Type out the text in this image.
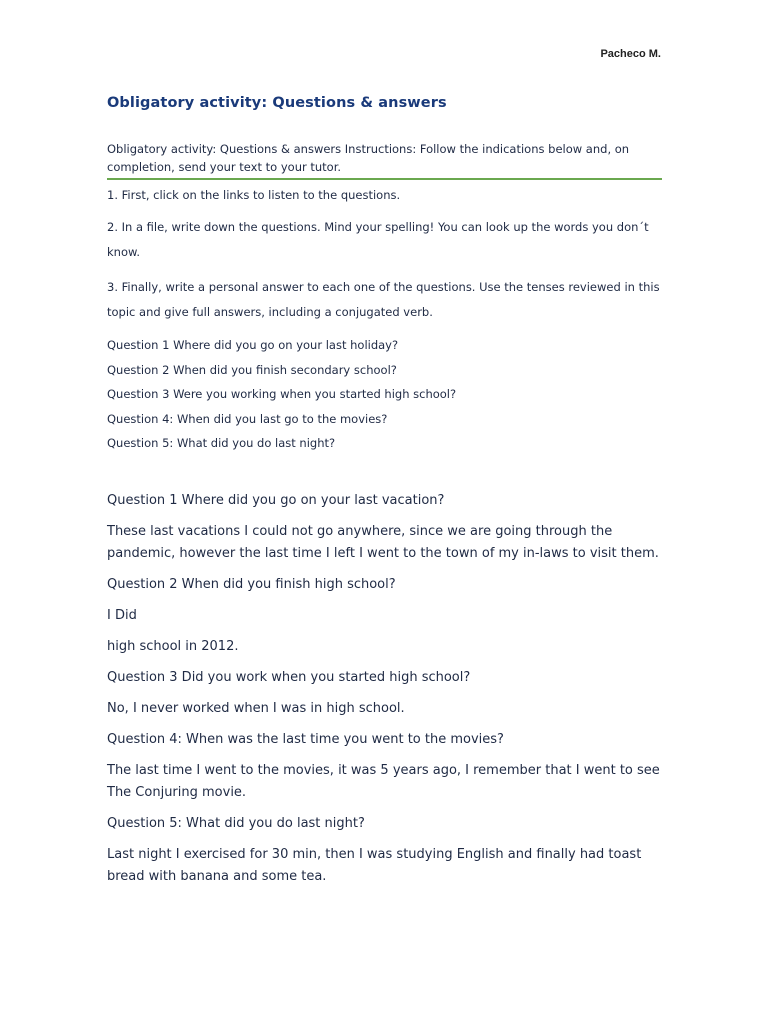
Pacheco M.
Obligatory activity: Questions & answers
Obligatory activity: Questions & answers Instructions: Follow the indications below and, on completion, send your text to your tutor.
1. First, click on the links to listen to the questions.
2. In a file, write down the questions. Mind your spelling! You can look up the words you don´t know.
3. Finally, write a personal answer to each one of the questions. Use the tenses reviewed in this topic and give full answers, including a conjugated verb.
Question 1 Where did you go on your last holiday?
Question 2 When did you finish secondary school?
Question 3 Were you working when you started high school?
Question 4: When did you last go to the movies?
Question 5: What did you do last night?

Question 1 Where did you go on your last vacation?

These last vacations I could not go anywhere, since we are going through the pandemic, however the last time I left I went to the town of my in-laws to visit them.

Question 2 When did you finish high school?

I Did

high school in 2012.

Question 3 Did you work when you started high school?

No, I never worked when I was in high school.

Question 4: When was the last time you went to the movies?

The last time I went to the movies, it was 5 years ago, I remember that I went to see The Conjuring movie.

Question 5: What did you do last night?

Last night I exercised for 30 min, then I was studying English and finally had toast bread with banana and some tea.
